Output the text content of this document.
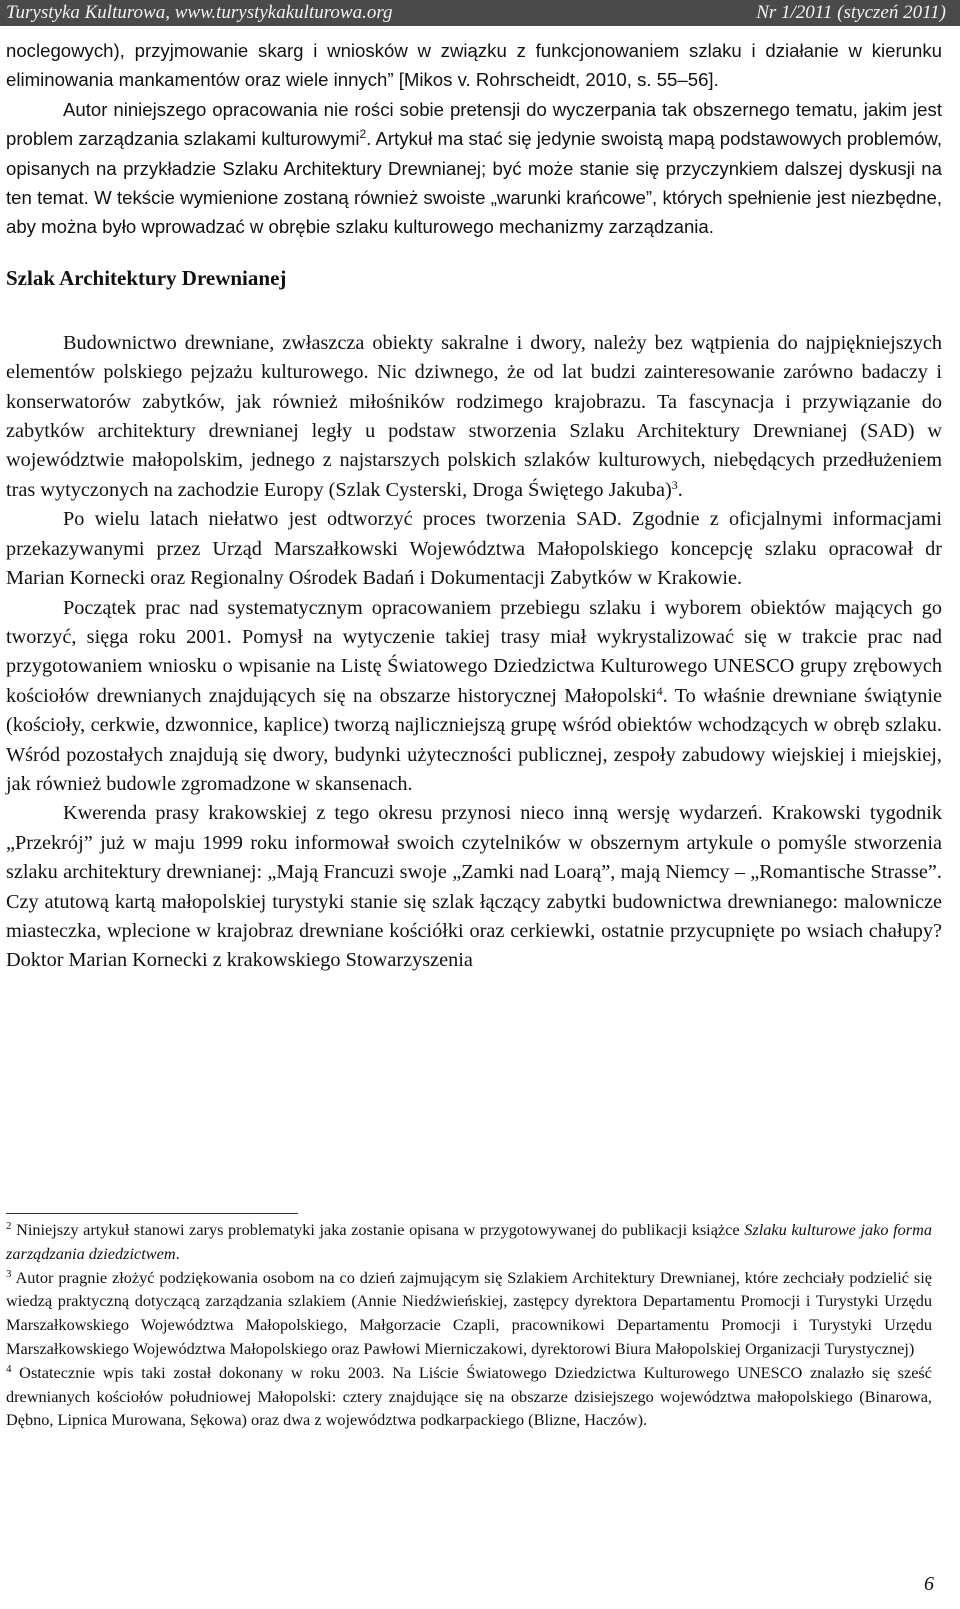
Turystyka Kulturowa, www.turystykakulturowa.org	Nr 1/2011 (styczeń 2011)

noclegowych), przyjmowanie skarg i wniosków w związku z funkcjonowaniem szlaku i działanie w kierunku eliminowania mankamentów oraz wiele innych” [Mikos v. Rohrscheidt, 2010, s. 55–56].

Autor niniejszego opracowania nie rości sobie pretensji do wyczerpania tak obszernego tematu, jakim jest problem zarządzania szlakami kulturowymi$^2$. Artykuł ma stać się jedynie swoistą mapą podstawowych problemów, opisanych na przykładzie Szlaku Architektury Drewnianej; być może stanie się przyczynkiem dalszej dyskusji na ten temat. W tekście wymienione zostaną również swoiste „warunki krańcowe”, których spełnienie jest niezbędne, aby można było wprowadzać w obrębie szlaku kulturowego mechanizmy zarządzania.

Szlak Architektury Drewnianej

Budownictwo drewniane, zwłaszcza obiekty sakralne i dwory, należy bez wątpienia do najpiękniejszych elementów polskiego pejzażu kulturowego. Nic dziwnego, że od lat budzi zainteresowanie zarówno badaczy i konserwatorów zabytków, jak również miłośników rodzimego krajobrazu. Ta fascynacja i przywiązanie do zabytków architektury drewnianej legły u podstaw stworzenia Szlaku Architektury Drewnianej (SAD) w województwie małopolskim, jednego z najstarszych polskich szlaków kulturowych, niebędących przedłużeniem tras wytyczonych na zachodzie Europy (Szlak Cysterski, Droga Świętego Jakuba)$^3$.

Po wielu latach niełatwo jest odtworzyć proces tworzenia SAD. Zgodnie z oficjalnymi informacjami przekazywanymi przez Urząd Marszałkowski Województwa Małopolskiego koncepcję szlaku opracował dr Marian Kornecki oraz Regionalny Ośrodek Badań i Dokumentacji Zabytków w Krakowie.

Początek prac nad systematycznym opracowaniem przebiegu szlaku i wyborem obiektów mających go tworzyć, sięga roku 2001. Pomysł na wytyczenie takiej trasy miał wykrystalizować się w trakcie prac nad przygotowaniem wniosku o wpisanie na Listę Światowego Dziedzictwa Kulturowego UNESCO grupy zrębowych kościołów drewnianych znajdujących się na obszarze historycznej Małopolski$^4$. To właśnie drewniane świątynie (kościoły, cerkwie, dzwonnice, kaplice) tworzą najliczniejszą grupę wśród obiektów wchodzących w obręb szlaku. Wśród pozostałych znajdują się dwory, budynki użyteczności publicznej, zespoły zabudowy wiejskiej i miejskiej, jak również budowle zgromadzone w skansenach.

Kwerenda prasy krakowskiej z tego okresu przynosi nieco inną wersję wydarzeń. Krakowski tygodnik „Przekrój” już w maju 1999 roku informował swoich czytelników w obszernym artykule o pomyśle stworzenia szlaku architektury drewnianej: „Mają Francuzi swoje „Zamki nad Loarą”, mają Niemcy – „Romantische Strasse”. Czy atutową kartą małopolskiej turystyki stanie się szlak łączący zabytki budownictwa drewnianego: malownicze miasteczka, wplecione w krajobraz drewniane kościółki oraz cerkiewki, ostatnie przycupnięte po wsiach chałupy? Doktor Marian Kornecki z krakowskiego Stowarzyszenia

$^2$ Niniejszy artykuł stanowi zarys problematyki jaka zostanie opisana w przygotowywanej do publikacji książce Szlaku kulturowe jako forma zarządzania dziedzictwem.

$^3$ Autor pragnie złożyć podziękowania osobom na co dzień zajmującym się Szlakiem Architektury Drewnianej, które zechciały podzielić się wiedzą praktyczną dotyczącą zarządzania szlakiem (Annie Niedźwieńskiej, zastępcy dyrektora Departamentu Promocji i Turystyki Urzędu Marszałkowskiego Województwa Małopolskiego, Małgorzacie Czapli, pracownikowi Departamentu Promocji i Turystyki Urzędu Marszałkowskiego Województwa Małopolskiego oraz Pawłowi Mierniczakowi, dyrektorowi Biura Małopolskiej Organizacji Turystycznej)

$^4$ Ostatecznie wpis taki został dokonany w roku 2003. Na Liście Światowego Dziedzictwa Kulturowego UNESCO znalazło się sześć drewnianych kościołów południowej Małopolski: cztery znajdujące się na obszarze dzisiejszego województwa małopolskiego (Binarowa, Dębno, Lipnica Murowana, Sękowa) oraz dwa z województwa podkarpackiego (Blizne, Haczów).

6
